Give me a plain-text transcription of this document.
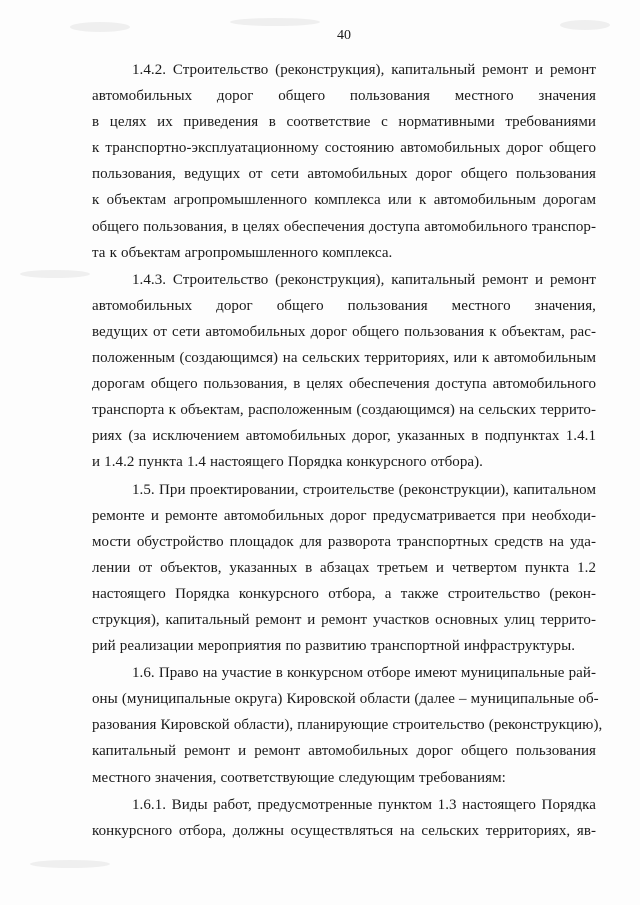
40
1.4.2. Строительство (реконструкция), капитальный ремонт и ремонт
автомобильных дорог общего пользования местного значения
в целях их приведения в соответствие с нормативными требованиями
к транспортно-эксплуатационному состоянию автомобильных дорог общего
пользования, ведущих от сети автомобильных дорог общего пользования
к объектам агропромышленного комплекса или к автомобильным дорогам
общего пользования, в целях обеспечения доступа автомобильного транспор-
та к объектам агропромышленного комплекса.
1.4.3. Строительство (реконструкция), капитальный ремонт и ремонт
автомобильных дорог общего пользования местного значения,
ведущих от сети автомобильных дорог общего пользования к объектам, рас-
положенным (создающимся) на сельских территориях, или к автомобильным
дорогам общего пользования, в целях обеспечения доступа автомобильного
транспорта к объектам, расположенным (создающимся) на сельских террито-
риях (за исключением автомобильных дорог, указанных в подпунктах 1.4.1
и 1.4.2 пункта 1.4 настоящего Порядка конкурсного отбора).
1.5. При проектировании, строительстве (реконструкции), капитальном
ремонте и ремонте автомобильных дорог предусматривается при необходи-
мости обустройство площадок для разворота транспортных средств на уда-
лении от объектов, указанных в абзацах третьем и четвертом пункта 1.2
настоящего Порядка конкурсного отбора, а также строительство (рекон-
струкция), капитальный ремонт и ремонт участков основных улиц террито-
рий реализации мероприятия по развитию транспортной инфраструктуры.
1.6. Право на участие в конкурсном отборе имеют муниципальные рай-
оны (муниципальные округа) Кировской области (далее – муниципальные об-
разования Кировской области), планирующие строительство (реконструкцию),
капитальный ремонт и ремонт автомобильных дорог общего пользования
местного значения, соответствующие следующим требованиям:
1.6.1. Виды работ, предусмотренные пунктом 1.3 настоящего Порядка
конкурсного отбора, должны осуществляться на сельских территориях, яв-
